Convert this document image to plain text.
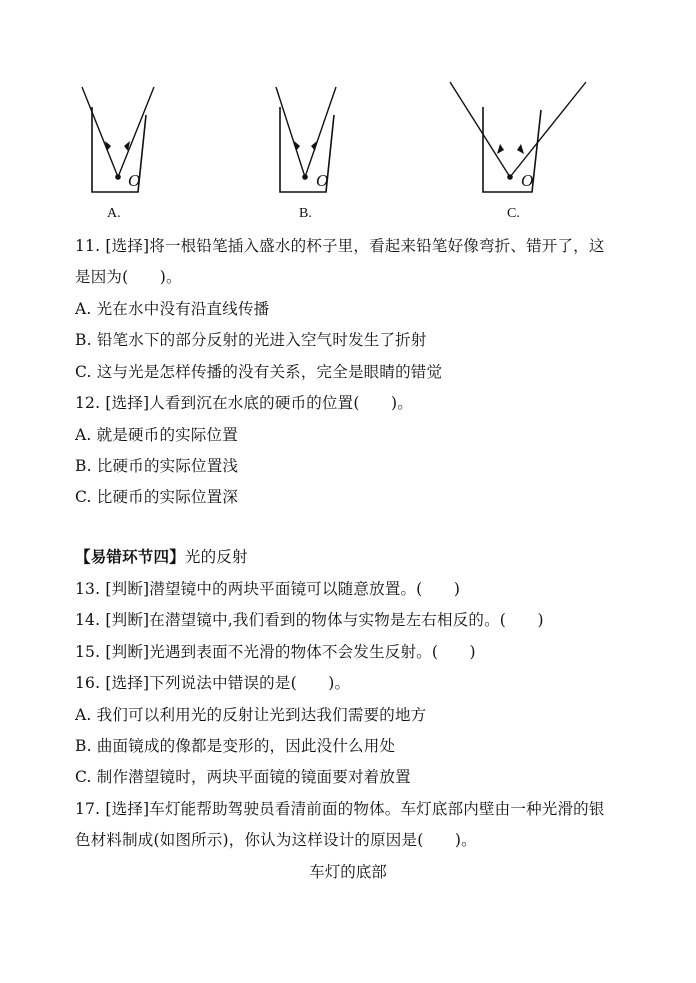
O
A.
O
B.
O
C.
11. [选择]将一根铅笔插入盛水的杯子里，看起来铅笔好像弯折、错开了，这
是因为(　　)。
A. 光在水中没有沿直线传播
B. 铅笔水下的部分反射的光进入空气时发生了折射
C. 这与光是怎样传播的没有关系，完全是眼睛的错觉
12. [选择]人看到沉在水底的硬币的位置(　　)。
A. 就是硬币的实际位置
B. 比硬币的实际位置浅
C. 比硬币的实际位置深
【易错环节四】光的反射
13. [判断]潜望镜中的两块平面镜可以随意放置。(　　)
14. [判断]在潜望镜中,我们看到的物体与实物是左右相反的。(　　)
15. [判断]光遇到表面不光滑的物体不会发生反射。(　　)
16. [选择]下列说法中错误的是(　　)。
A. 我们可以利用光的反射让光到达我们需要的地方
B. 曲面镜成的像都是变形的，因此没什么用处
C. 制作潜望镜时，两块平面镜的镜面要对着放置
17. [选择]车灯能帮助驾驶员看清前面的物体。车灯底部内壁由一种光滑的银
色材料制成(如图所示)，你认为这样设计的原因是(　　)。
车灯的底部
